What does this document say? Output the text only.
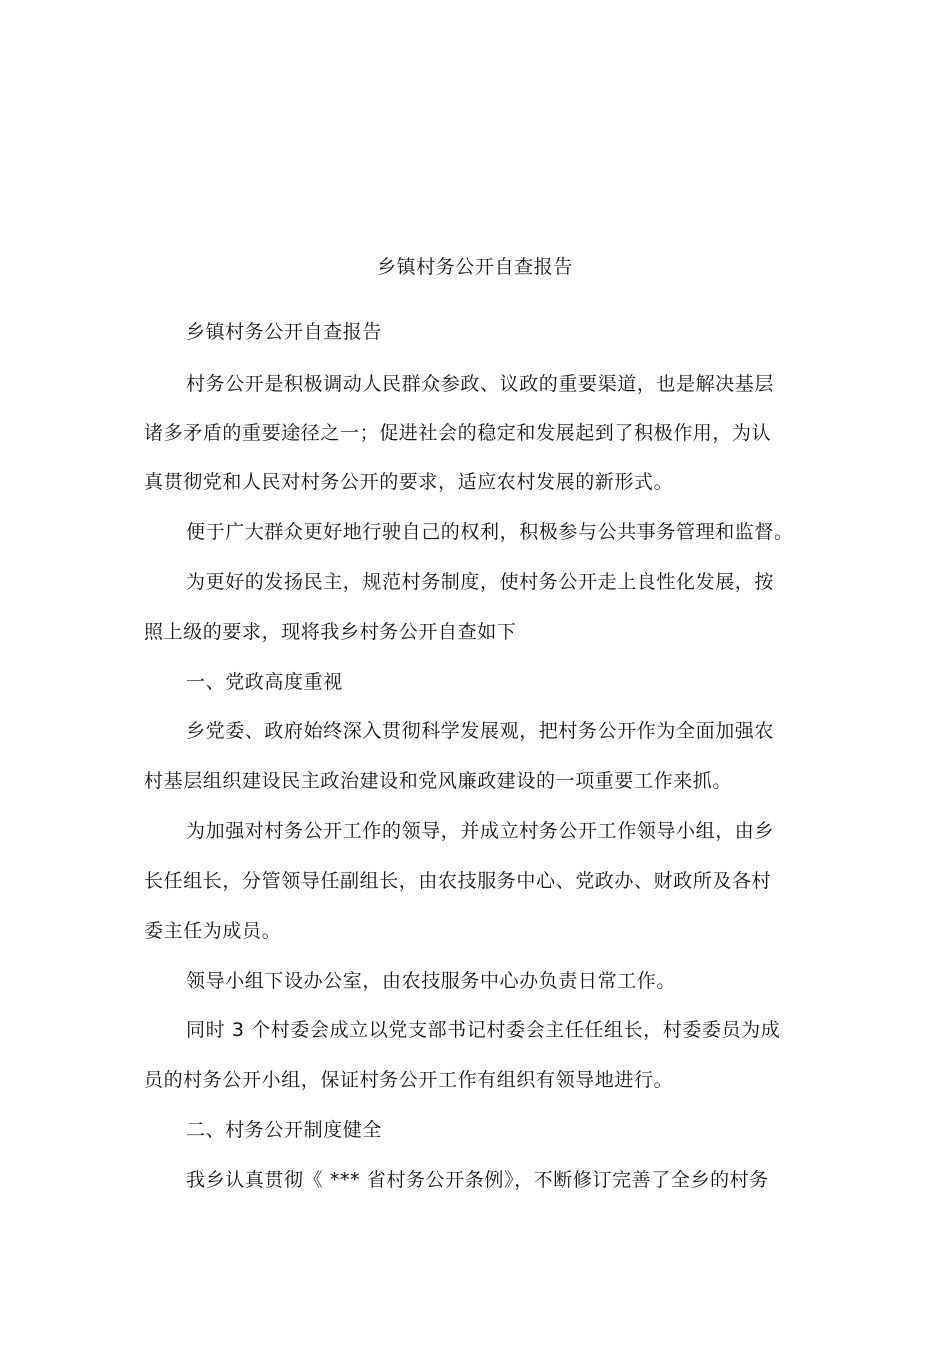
乡镇村务公开自查报告
乡镇村务公开自查报告
村务公开是积极调动人民群众参政、议政的重要渠道，也是解决基层
诸多矛盾的重要途径之一；促进社会的稳定和发展起到了积极作用，为认
真贯彻党和人民对村务公开的要求，适应农村发展的新形式。
便于广大群众更好地行驶自己的权利，积极参与公共事务管理和监督。
为更好的发扬民主，规范村务制度，使村务公开走上良性化发展，按
照上级的要求，现将我乡村务公开自查如下
一、党政高度重视
乡党委、政府始终深入贯彻科学发展观，把村务公开作为全面加强农
村基层组织建设民主政治建设和党风廉政建设的一项重要工作来抓。
为加强对村务公开工作的领导，并成立村务公开工作领导小组，由乡
长任组长，分管领导任副组长，由农技服务中心、党政办、财政所及各村
委主任为成员。
领导小组下设办公室，由农技服务中心办负责日常工作。
同时 3 个村委会成立以党支部书记村委会主任任组长，村委委员为成
员的村务公开小组，保证村务公开工作有组织有领导地进行。
二、村务公开制度健全
我乡认真贯彻《 *** 省村务公开条例》，不断修订完善了全乡的村务
